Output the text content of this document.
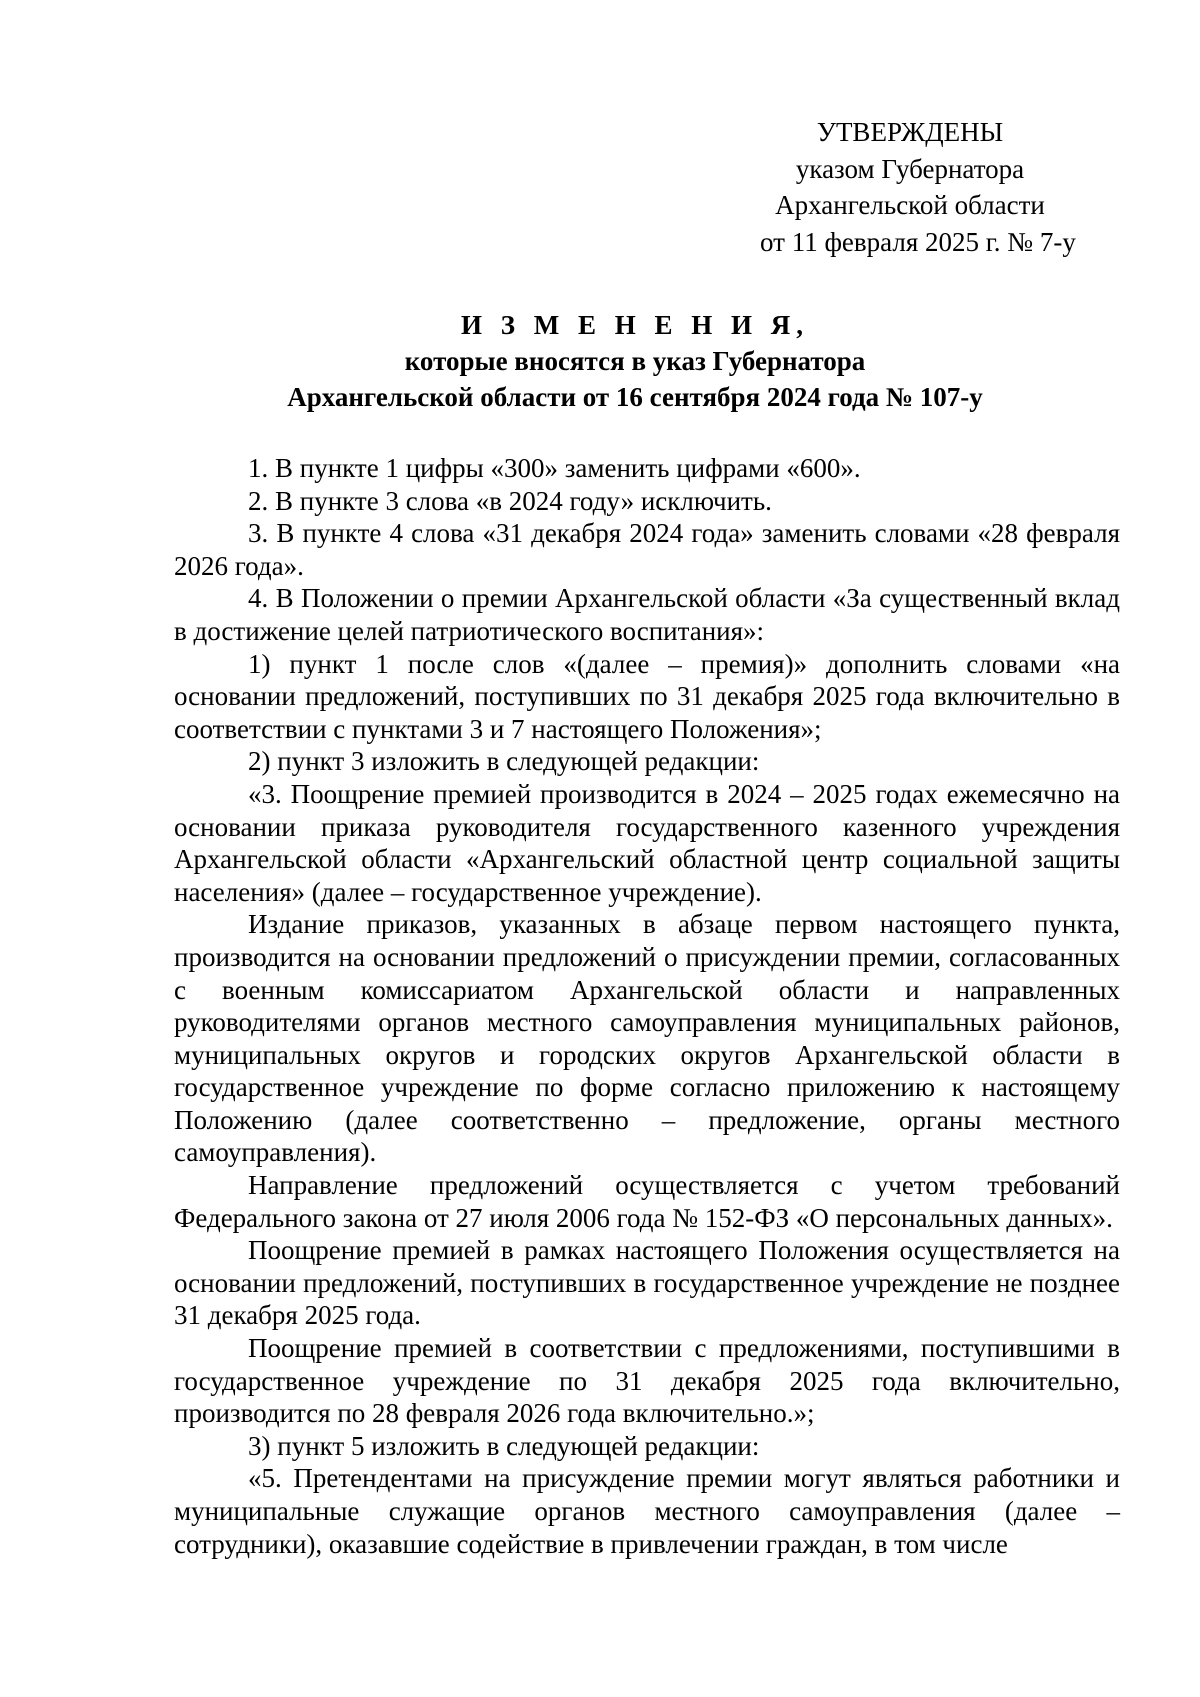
УТВЕРЖДЕНЫ
указом Губернатора
Архангельской области
от 11 февраля 2025 г. № 7-у
И З М Е Н Е Н И Я,
которые вносятся в указ Губернатора
Архангельской области от 16 сентября 2024 года № 107-у

1. В пункте 1 цифры «300» заменить цифрами «600».

2. В пункте 3 слова «в 2024 году» исключить.

3. В пункте 4 слова «31 декабря 2024 года» заменить словами «28 февраля 2026 года».

4. В Положении о премии Архангельской области «За существенный вклад в достижение целей патриотического воспитания»:

1) пункт 1 после слов «(далее – премия)» дополнить словами «на основании предложений, поступивших по 31 декабря 2025 года включительно в соответствии с пунктами 3 и 7 настоящего Положения»;

2) пункт 3 изложить в следующей редакции:

«3. Поощрение премией производится в 2024 – 2025 годах ежемесячно на основании приказа руководителя государственного казенного учреждения Архангельской области «Архангельский областной центр социальной защиты населения» (далее – государственное учреждение).

Издание приказов, указанных в абзаце первом настоящего пункта, производится на основании предложений о присуждении премии, согласованных с военным комиссариатом Архангельской области и направленных руководителями органов местного самоуправления муниципальных районов, муниципальных округов и городских округов Архангельской области в государственное учреждение по форме согласно приложению к настоящему Положению (далее соответственно – предложение, органы местного самоуправления).

Направление предложений осуществляется с учетом требований Федерального закона от 27 июля 2006 года № 152-ФЗ «О персональных данных».

Поощрение премией в рамках настоящего Положения осуществляется на основании предложений, поступивших в государственное учреждение не позднее 31 декабря 2025 года.

Поощрение премией в соответствии с предложениями, поступившими в государственное учреждение по 31 декабря 2025 года включительно, производится по 28 февраля 2026 года включительно.»;

3) пункт 5 изложить в следующей редакции:

«5. Претендентами на присуждение премии могут являться работники и муниципальные служащие органов местного самоуправления (далее – сотрудники), оказавшие содействие в привлечении граждан, в том числе
